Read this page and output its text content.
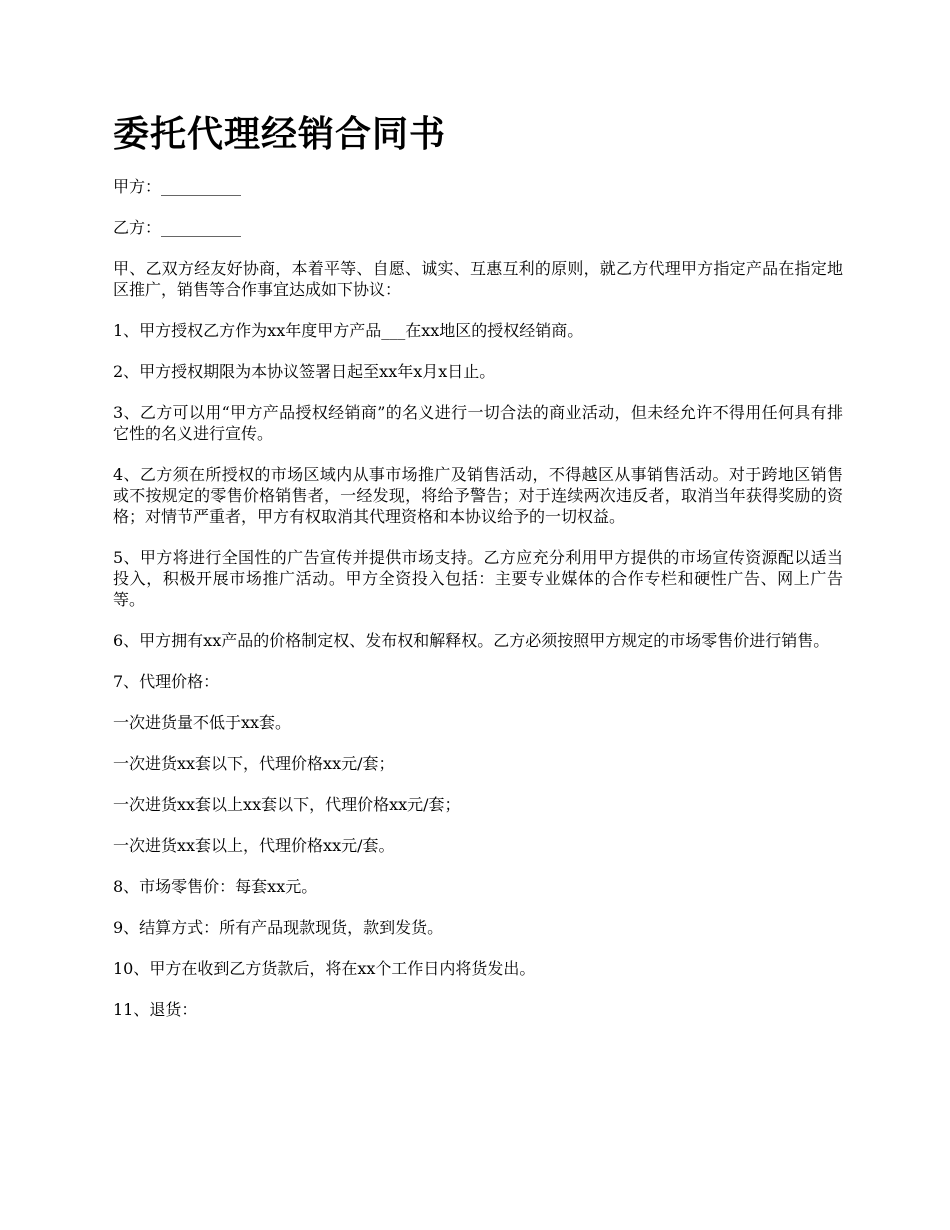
委托代理经销合同书

甲方：__________

乙方：__________

甲、乙双方经友好协商，本着平等、自愿、诚实、互惠互利的原则，就乙方代理甲方指定产品在指定地区推广，销售等合作事宜达成如下协议：

1、甲方授权乙方作为xx年度甲方产品___在xx地区的授权经销商。

2、甲方授权期限为本协议签署日起至xx年x月x日止。

3、乙方可以用“甲方产品授权经销商”的名义进行一切合法的商业活动，但未经允许不得用任何具有排它性的名义进行宣传。

4、乙方须在所授权的市场区域内从事市场推广及销售活动，不得越区从事销售活动。对于跨地区销售或不按规定的零售价格销售者，一经发现，将给予警告；对于连续两次违反者，取消当年获得奖励的资格；对情节严重者，甲方有权取消其代理资格和本协议给予的一切权益。

5、甲方将进行全国性的广告宣传并提供市场支持。乙方应充分利用甲方提供的市场宣传资源配以适当投入，积极开展市场推广活动。甲方全资投入包括：主要专业媒体的合作专栏和硬性广告、网上广告等。

6、甲方拥有xx产品的价格制定权、发布权和解释权。乙方必须按照甲方规定的市场零售价进行销售。

7、代理价格：

一次进货量不低于xx套。

一次进货xx套以下，代理价格xx元/套；

一次进货xx套以上xx套以下，代理价格xx元/套；

一次进货xx套以上，代理价格xx元/套。

8、市场零售价：每套xx元。

9、结算方式：所有产品现款现货，款到发货。

10、甲方在收到乙方货款后，将在xx个工作日内将货发出。

11、退货：
